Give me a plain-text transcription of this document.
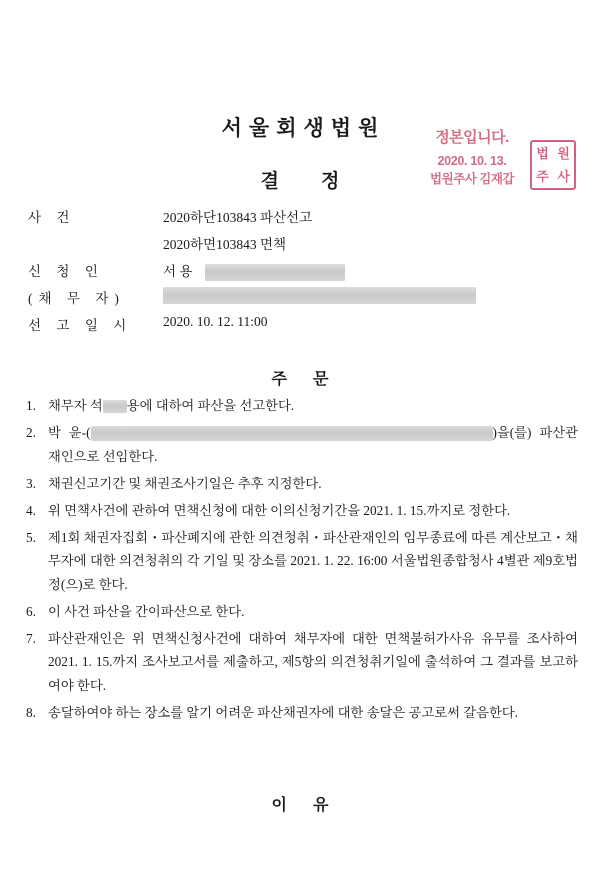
서울회생법원
결정
정본입니다.
2020. 10. 13.
법원주사 김재갑
법 원
주 사
사 건	2020하단103843 파산선고
2020하면103843 면책
신 청 인	서 용
(채 무 자)
선 고 일 시	2020. 10. 12. 11:00
주문
1. 채무자 석 용에 대하여 파산을 선고한다.
2. 박 윤-(	)을(를) 파산관재인으로 선임한다.
3. 채권신고기간 및 채권조사기일은 추후 지정한다.
4. 위 면책사건에 관하여 면책신청에 대한 이의신청기간을 2021. 1. 15.까지로 정한다.
5. 제1회 채권자집회・파산폐지에 관한 의견청취・파산관재인의 임무종료에 따른 계산보고・채무자에 대한 의견청취의 각 기일 및 장소를 2021. 1. 22. 16:00 서울법원종합청사 4별관 제9호법정(으)로 한다.
6. 이 사건 파산을 간이파산으로 한다.
7. 파산관재인은 위 면책신청사건에 대하여 채무자에 대한 면책불허가사유 유무를 조사하여 2021. 1. 15.까지 조사보고서를 제출하고, 제5항의 의견청취기일에 출석하여 그 결과를 보고하여야 한다.
8. 송달하여야 하는 장소를 알기 어려운 파산채권자에 대한 송달은 공고로써 갈음한다.
이유
